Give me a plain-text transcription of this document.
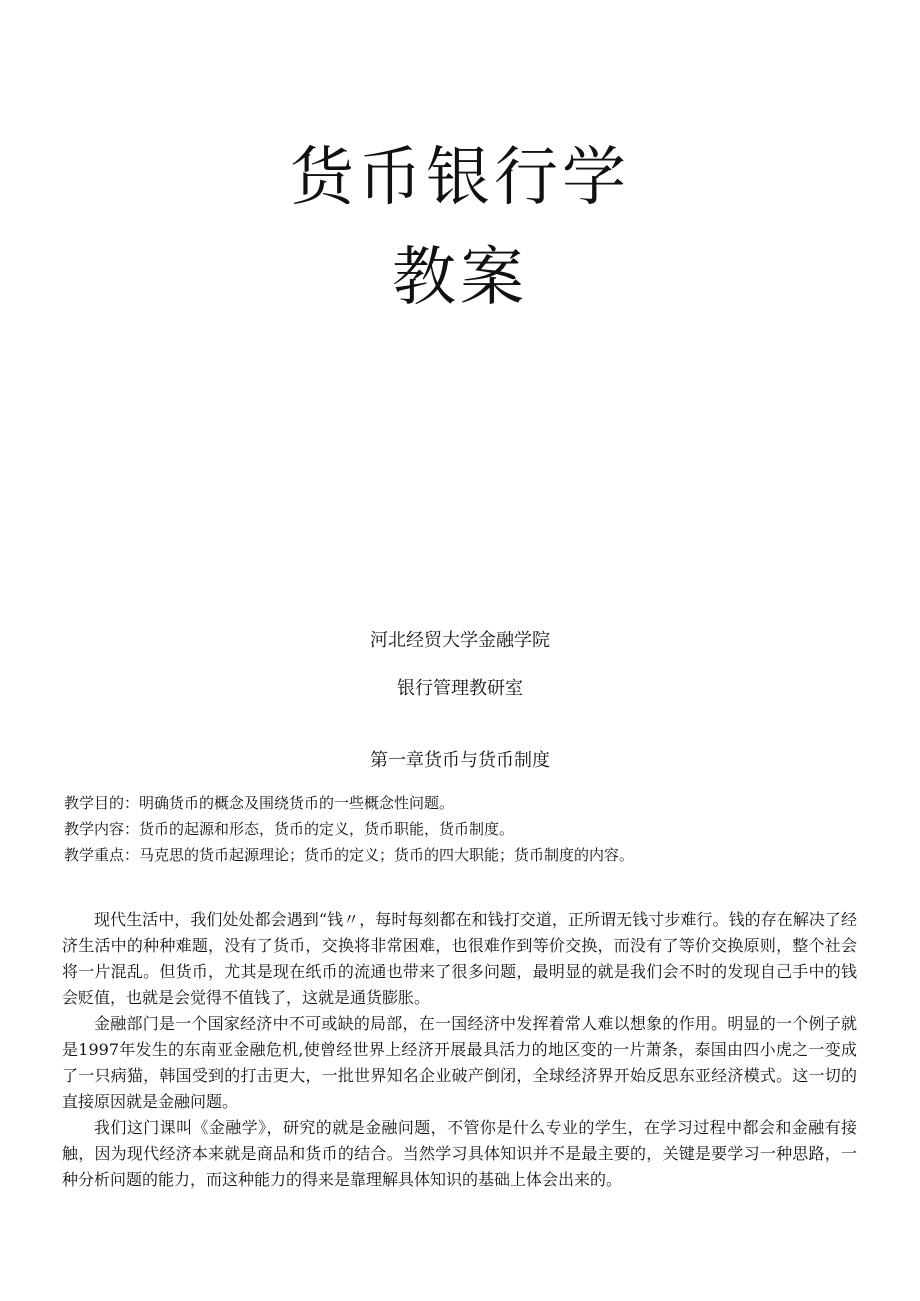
货币银行学
教案
河北经贸大学金融学院
银行管理教研室
第一章货币与货币制度
教学目的：明确货币的概念及围绕货币的一些概念性问题。
教学内容：货币的起源和形态，货币的定义，货币职能，货币制度。
教学重点：马克思的货币起源理论；货币的定义；货币的四大职能；货币制度的内容。

现代生活中，我们处处都会遇到“钱〃，每时每刻都在和钱打交道，正所谓无钱寸步难行。钱的存在解决了经济生活中的种种难题，没有了货币，交换将非常困难，也很难作到等价交换，而没有了等价交换原则，整个社会将一片混乱。但货币，尤其是现在纸币的流通也带来了很多问题，最明显的就是我们会不时的发现自己手中的钱会贬值，也就是会觉得不值钱了，这就是通货膨胀。

金融部门是一个国家经济中不可或缺的局部，在一国经济中发挥着常人难以想象的作用。明显的一个例子就是1997年发生的东南亚金融危机,使曾经世界上经济开展最具活力的地区变的一片萧条，泰国由四小虎之一变成了一只病猫，韩国受到的打击更大，一批世界知名企业破产倒闭，全球经济界开始反思东亚经济模式。这一切的直接原因就是金融问题。

我们这门课叫《金融学》，研究的就是金融问题，不管你是什么专业的学生，在学习过程中都会和金融有接触，因为现代经济本来就是商品和货币的结合。当然学习具体知识并不是最主要的，关键是要学习一种思路，一种分析问题的能力，而这种能力的得来是靠理解具体知识的基础上体会出来的。
